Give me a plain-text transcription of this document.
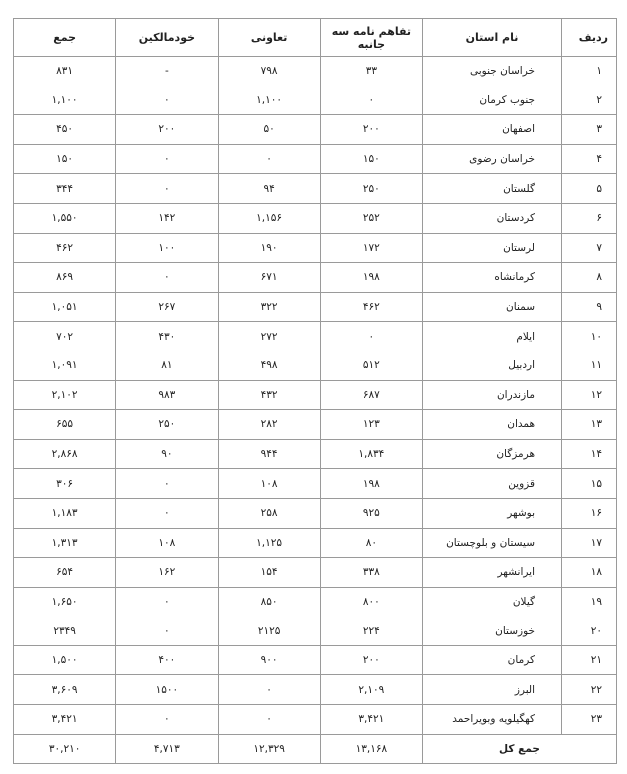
ردیف	نام استان	تفاهم نامه سه جانبه	تعاونی	خودمالکین	جمع
۱	خراسان جنوبی	۳۳	۷۹۸	-	۸۳۱
۲	جنوب کرمان	۰	۱,۱۰۰	۰	۱,۱۰۰
۳	اصفهان	۲۰۰	۵۰	۲۰۰	۴۵۰
۴	خراسان رضوی	۱۵۰	۰	۰	۱۵۰
۵	گلستان	۲۵۰	۹۴	۰	۳۴۴
۶	کردستان	۲۵۲	۱,۱۵۶	۱۴۲	۱,۵۵۰
۷	لرستان	۱۷۲	۱۹۰	۱۰۰	۴۶۲
۸	کرمانشاه	۱۹۸	۶۷۱	۰	۸۶۹
۹	سمنان	۴۶۲	۳۲۲	۲۶۷	۱,۰۵۱
۱۰	ایلام	۰	۲۷۲	۴۳۰	۷۰۲
۱۱	اردبیل	۵۱۲	۴۹۸	۸۱	۱,۰۹۱
۱۲	مازندران	۶۸۷	۴۳۲	۹۸۳	۲,۱۰۲
۱۳	همدان	۱۲۳	۲۸۲	۲۵۰	۶۵۵
۱۴	هرمزگان	۱,۸۳۴	۹۴۴	۹۰	۲,۸۶۸
۱۵	قزوین	۱۹۸	۱۰۸	۰	۳۰۶
۱۶	بوشهر	۹۲۵	۲۵۸	۰	۱,۱۸۳
۱۷	سیستان و بلوچستان	۸۰	۱,۱۲۵	۱۰۸	۱,۳۱۳
۱۸	ایرانشهر	۳۳۸	۱۵۴	۱۶۲	۶۵۴
۱۹	گیلان	۸۰۰	۸۵۰	۰	۱,۶۵۰
۲۰	خوزستان	۲۲۴	۲۱۲۵	۰	۲۳۴۹
۲۱	کرمان	۲۰۰	۹۰۰	۴۰۰	۱,۵۰۰
۲۲	البرز	۲,۱۰۹	۰	۱۵۰۰	۳,۶۰۹
۲۳	کهگیلویه وبویراحمد	۳,۴۲۱	۰	۰	۳,۴۲۱
جمع کل		۱۳,۱۶۸	۱۲,۳۲۹	۴,۷۱۳	۳۰,۲۱۰
